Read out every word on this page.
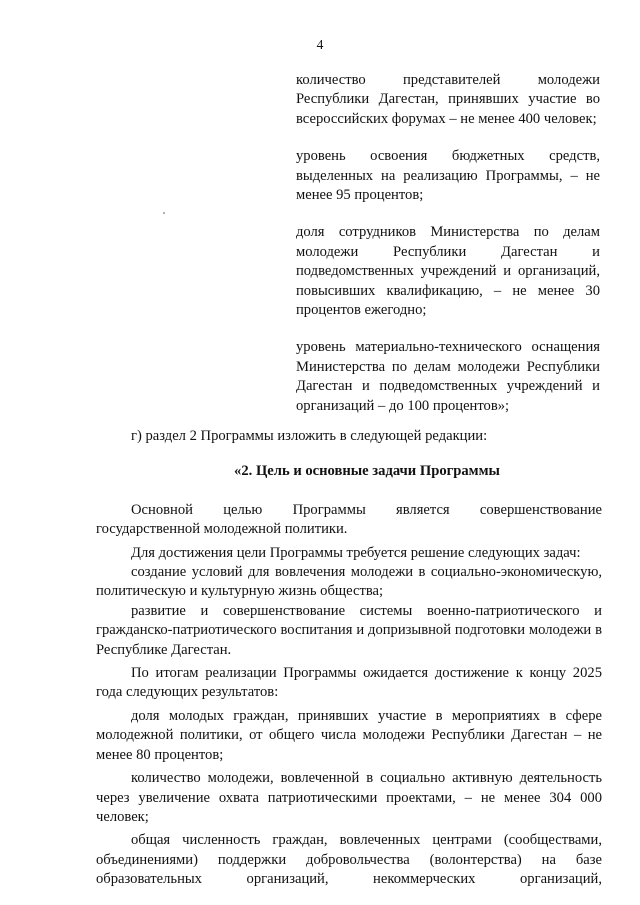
4

количество представителей молодежи Республики Дагестан, принявших участие во всероссийских форумах – не менее 400 человек;

уровень освоения бюджетных средств, выделенных на реализацию Программы, – не менее 95 процентов;

доля сотрудников Министерства по делам молодежи Республики Дагестан и подведомственных учреждений и организаций, повысивших квалификацию, – не менее 30 процентов ежегодно;

уровень материально-технического оснащения Министерства по делам молодежи Республики Дагестан и подведомственных учреждений и организаций – до 100 процентов»;

г) раздел 2 Программы изложить в следующей редакции:

«2. Цель и основные задачи Программы

Основной целью Программы является совершенствование государственной молодежной политики.

Для достижения цели Программы требуется решение следующих задач:

создание условий для вовлечения молодежи в социально-экономическую, политическую и культурную жизнь общества;

развитие и совершенствование системы военно-патриотического и гражданско-патриотического воспитания и допризывной подготовки молодежи в Республике Дагестан.

По итогам реализации Программы ожидается достижение к концу 2025 года следующих результатов:

доля молодых граждан, принявших участие в мероприятиях в сфере молодежной политики, от общего числа молодежи Республики Дагестан – не менее 80 процентов;

количество молодежи, вовлеченной в социально активную деятельность через увеличение охвата патриотическими проектами, – не менее 304 000 человек;

общая численность граждан, вовлеченных центрами (сообществами, объединениями) поддержки добровольчества (волонтерства) на базе образовательных организаций, некоммерческих организаций,
